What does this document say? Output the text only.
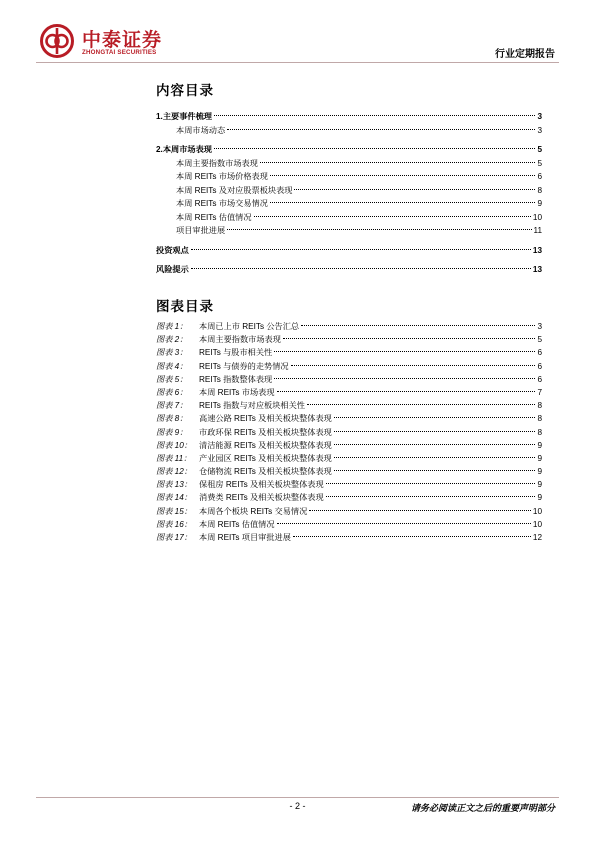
中泰证券
ZHONGTAI SECURITIES	行业定期报告
内容目录
1.主要事件梳理	3
本周市场动态	3
2.本周市场表现	5
本周主要指数市场表现	5
本周 REITs 市场价格表现	6
本周 REITs 及对应股票板块表现	8
本周 REITs 市场交易情况	9
本周 REITs 估值情况	10
项目审批进展	11
投资观点	13
风险提示	13
图表目录
图表 1： 本周已上市 REITs 公告汇总	3
图表 2： 本周主要指数市场表现	5
图表 3： REITs 与股市相关性	6
图表 4： REITs 与债券的走势情况	6
图表 5： REITs 指数整体表现	6
图表 6： 本周 REITs 市场表现	7
图表 7： REITs 指数与对应板块相关性	8
图表 8： 高速公路 REITs 及相关板块整体表现	8
图表 9： 市政环保 REITs 及相关板块整体表现	8
图表 10： 清洁能源 REITs 及相关板块整体表现	9
图表 11： 产业园区 REITs 及相关板块整体表现	9
图表 12： 仓储物流 REITs 及相关板块整体表现	9
图表 13： 保租房 REITs 及相关板块整体表现	9
图表 14： 消费类 REITs 及相关板块整体表现	9
图表 15： 本周各个板块 REITs 交易情况	10
图表 16： 本周 REITs 估值情况	10
图表 17： 本周 REITs 项目审批进展	12
- 2 -	请务必阅读正文之后的重要声明部分
